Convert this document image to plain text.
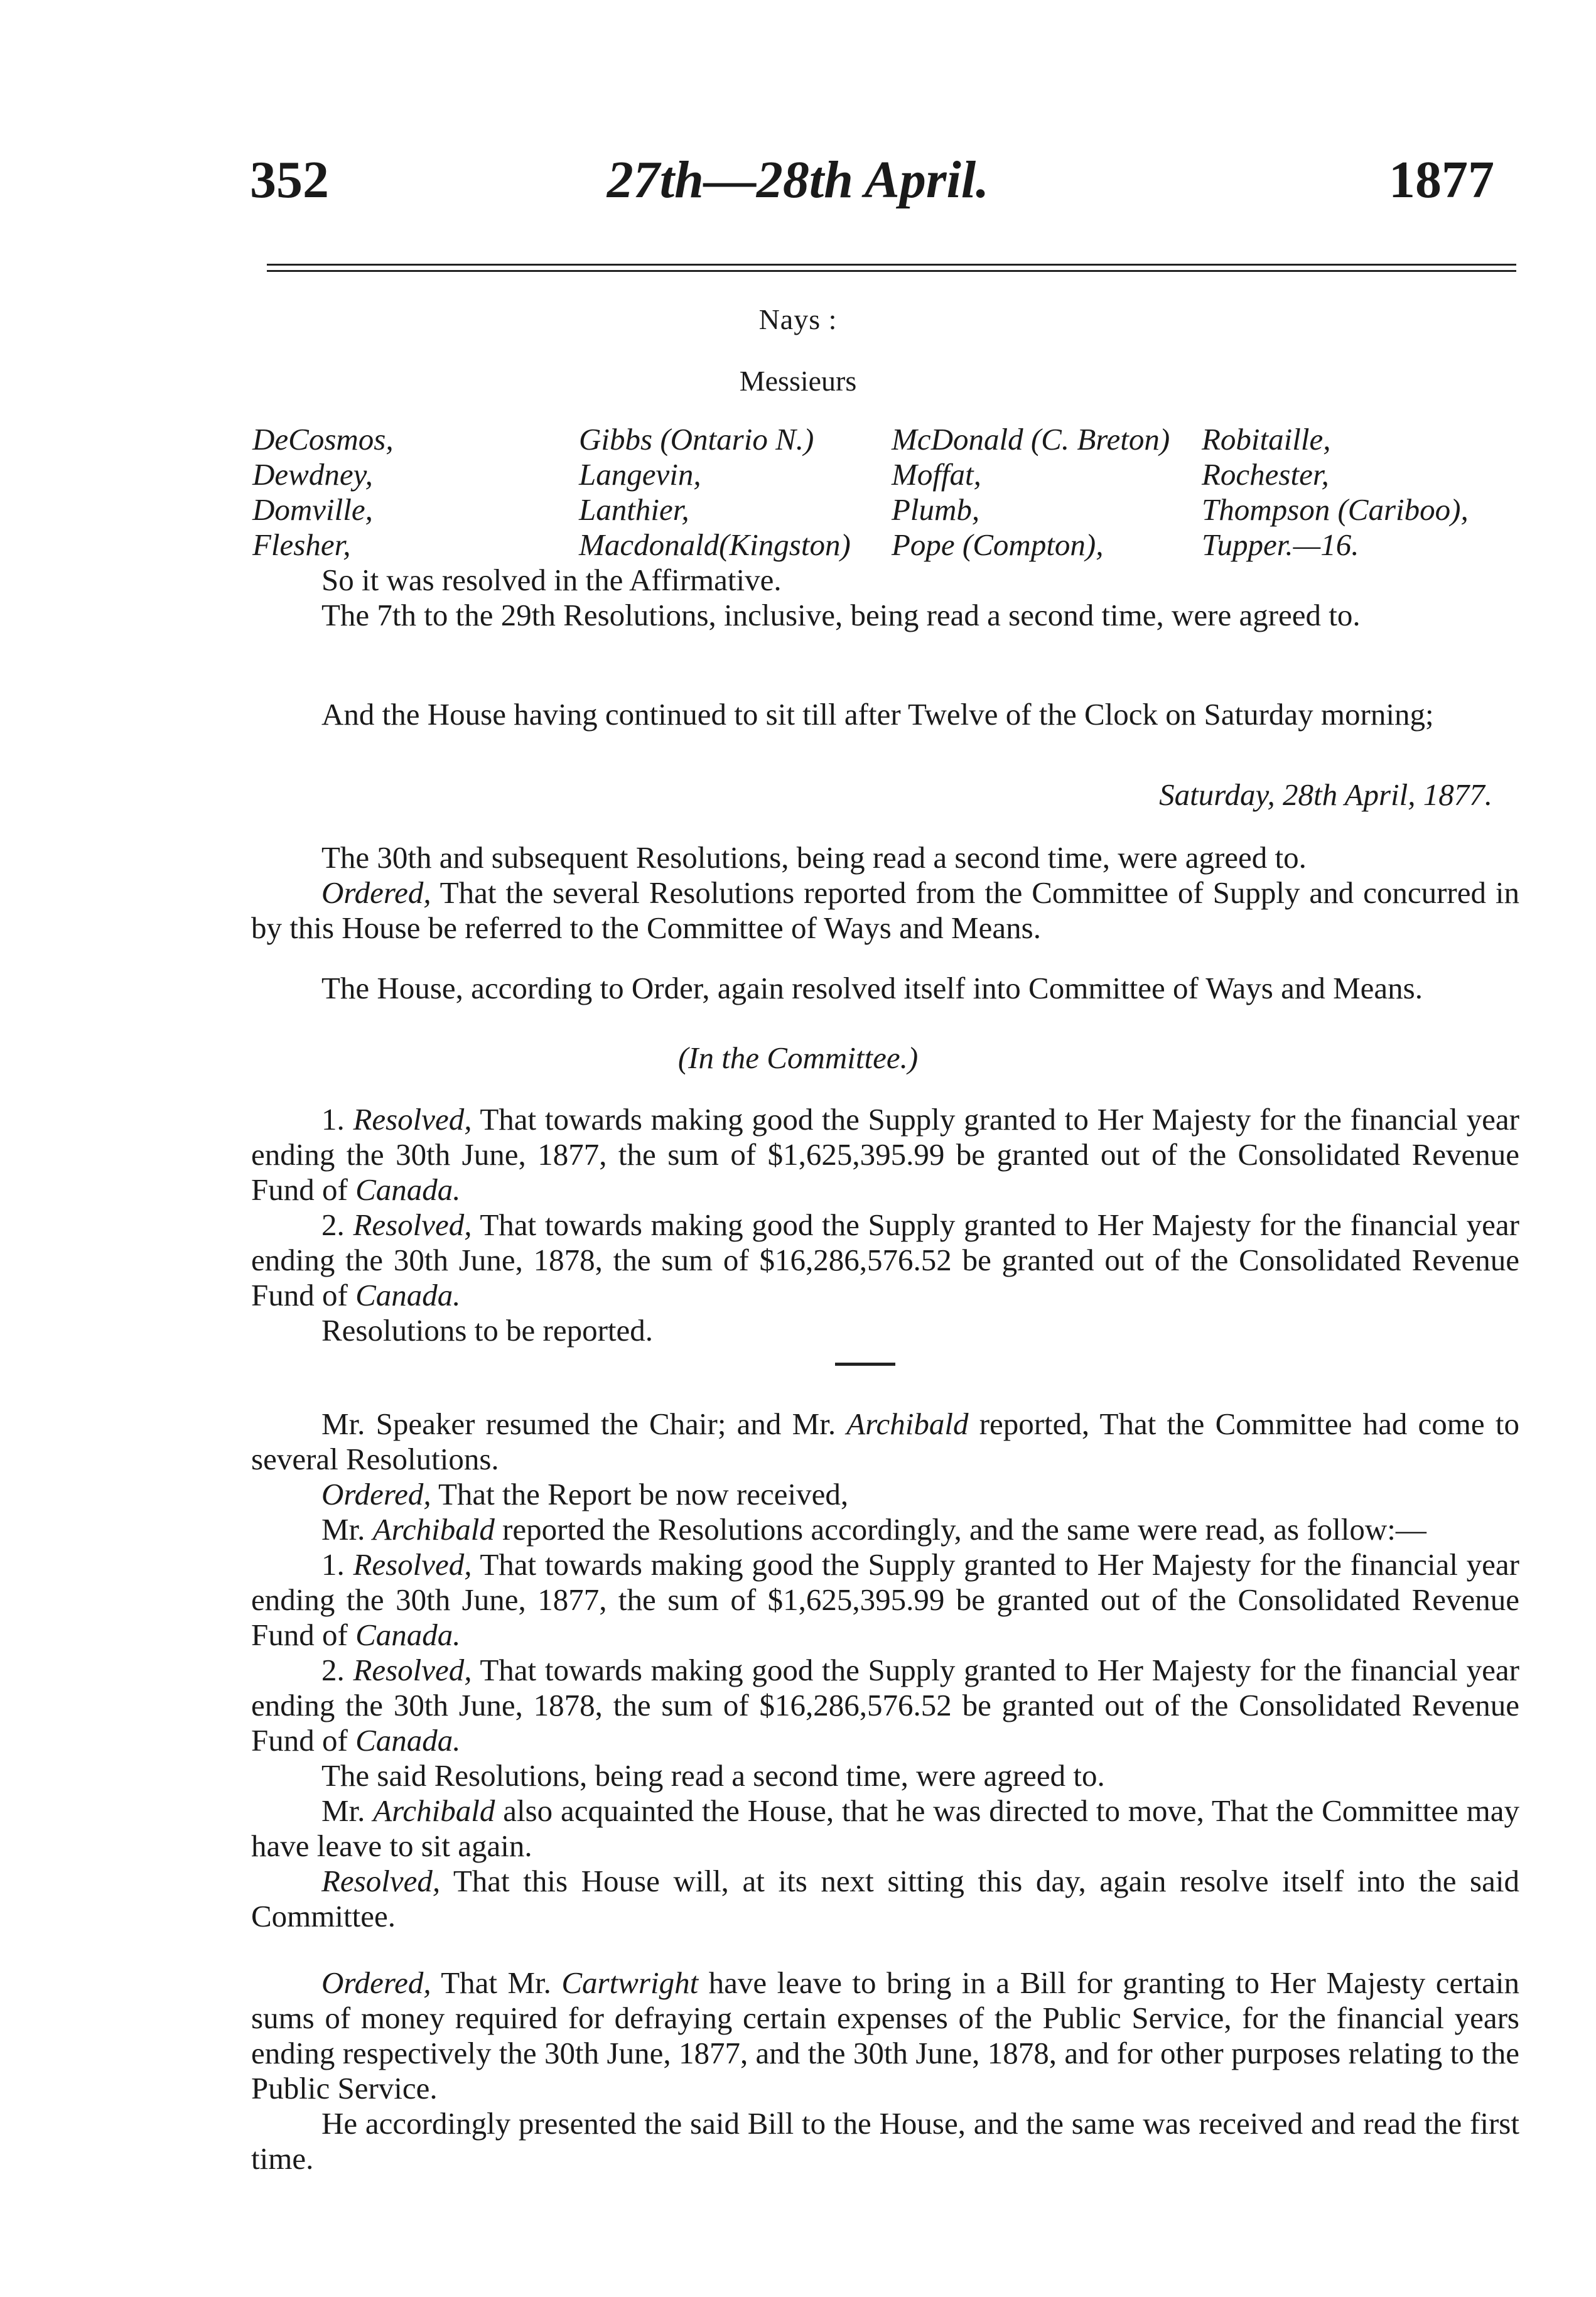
352	27th—28th April.	1877
Nays :
Messieurs
DeCosmos,
Dewdney,
Domville,
Flesher,
Gibbs (Ontario N.)
Langevin,
Lanthier,
Macdonald(Kingston)
McDonald (C. Breton)
Moffat,
Plumb,
Pope (Compton),
Robitaille,
Rochester,
Thompson (Cariboo),
Tupper.—16.

So it was resolved in the Affirmative.

The 7th to the 29th Resolutions, inclusive, being read a second time, were agreed to.

And the House having continued to sit till after Twelve of the Clock on Saturday morning;

Saturday, 28th April, 1877.

The 30th and subsequent Resolutions, being read a second time, were agreed to.

Ordered, That the several Resolutions reported from the Committee of Supply and concurred in by this House be referred to the Committee of Ways and Means.

The House, according to Order, again resolved itself into Committee of Ways and Means.

(In the Committee.)

1. Resolved, That towards making good the Supply granted to Her Majesty for the financial year ending the 30th June, 1877, the sum of $1,625,395.99 be granted out of the Consolidated Revenue Fund of Canada.

2. Resolved, That towards making good the Supply granted to Her Majesty for the financial year ending the 30th June, 1878, the sum of $16,286,576.52 be granted out of the Consolidated Revenue Fund of Canada.

Resolutions to be reported.

Mr. Speaker resumed the Chair; and Mr. Archibald reported, That the Committee had come to several Resolutions.

Ordered, That the Report be now received,

Mr. Archibald reported the Resolutions accordingly, and the same were read, as follow:—

1. Resolved, That towards making good the Supply granted to Her Majesty for the financial year ending the 30th June, 1877, the sum of $1,625,395.99 be granted out of the Consolidated Revenue Fund of Canada.

2. Resolved, That towards making good the Supply granted to Her Majesty for the financial year ending the 30th June, 1878, the sum of $16,286,576.52 be granted out of the Consolidated Revenue Fund of Canada.

The said Resolutions, being read a second time, were agreed to.

Mr. Archibald also acquainted the House, that he was directed to move, That the Committee may have leave to sit again.

Resolved, That this House will, at its next sitting this day, again resolve itself into the said Committee.

Ordered, That Mr. Cartwright have leave to bring in a Bill for granting to Her Majesty certain sums of money required for defraying certain expenses of the Public Service, for the financial years ending respectively the 30th June, 1877, and the 30th June, 1878, and for other purposes relating to the Public Service.

He accordingly presented the said Bill to the House, and the same was received and read the first time.
